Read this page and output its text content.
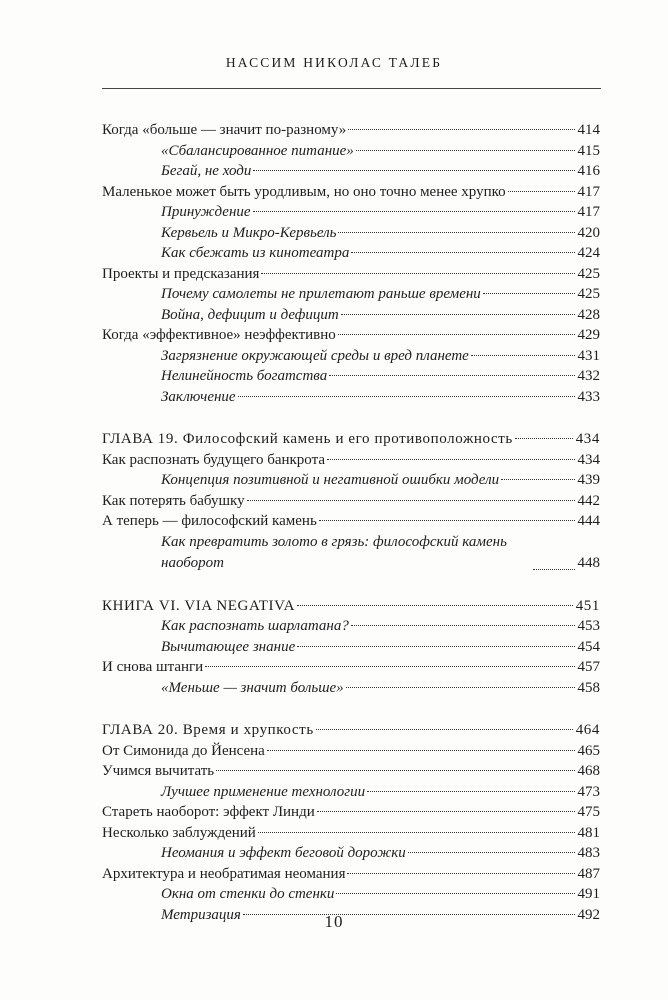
НАССИМ НИКОЛАС ТАЛЕБ
Когда «больше — значит по-разному»	414
«Сбалансированное питание»	415
Бегай, не ходи	416
Маленькое может быть уродливым, но оно точно менее хрупко	417
Принуждение	417
Кервьель и Микро-Кервьель	420
Как сбежать из кинотеатра	424
Проекты и предсказания	425
Почему самолеты не прилетают раньше времени	425
Война, дефицит и дефицит	428
Когда «эффективное» неэффективно	429
Загрязнение окружающей среды и вред планете	431
Нелинейность богатства	432
Заключение	433
ГЛАВА 19. Философский камень и его противоположность	434
Как распознать будущего банкрота	434
Концепция позитивной и негативной ошибки модели	439
Как потерять бабушку	442
А теперь — философский камень	444
Как превратить золото в грязь: философский камень наоборот	448
КНИГА VI. VIA NEGATIVA	451
Как распознать шарлатана?	453
Вычитающее знание	454
И снова штанги	457
«Меньше — значит больше»	458
ГЛАВА 20. Время и хрупкость	464
От Симонида до Йенсена	465
Учимся вычитать	468
Лучшее применение технологии	473
Стареть наоборот: эффект Линди	475
Несколько заблуждений	481
Неомания и эффект беговой дорожки	483
Архитектура и необратимая неомания	487
Окна от стенки до стенки	491
Метризация	492
10
